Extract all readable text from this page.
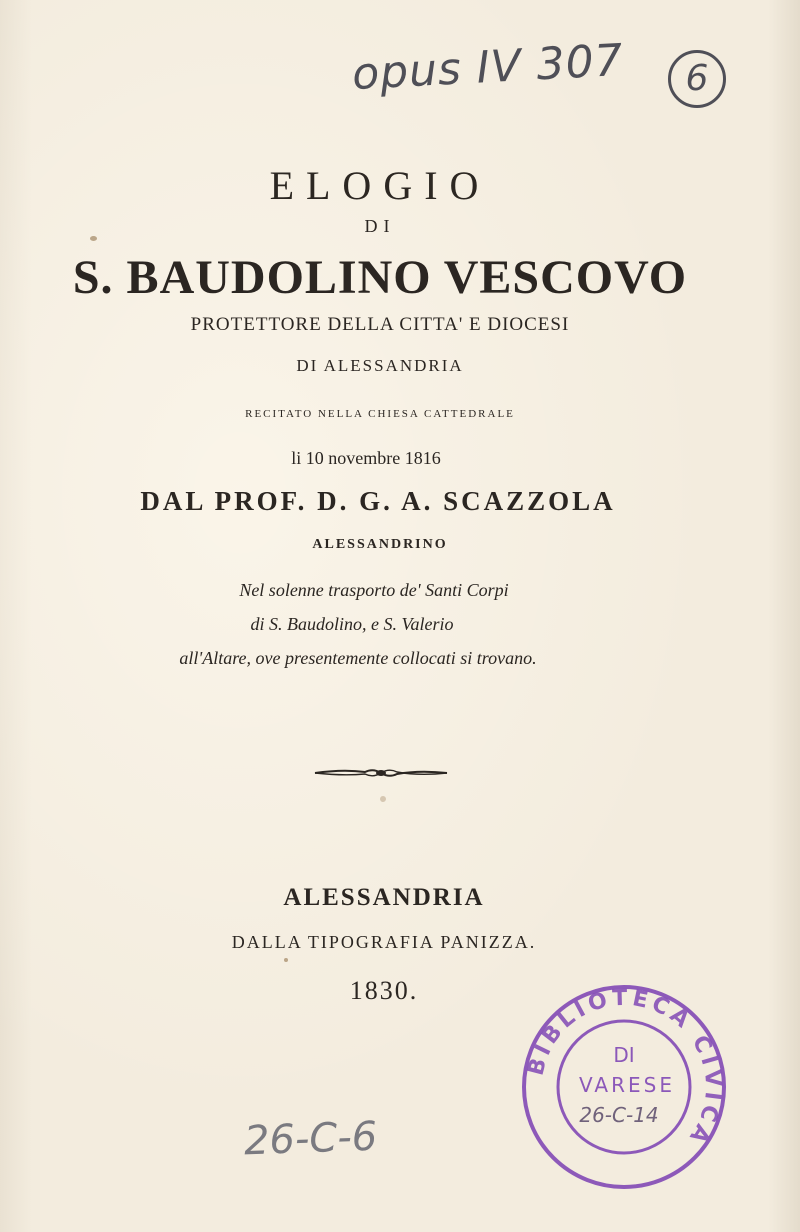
opus IV 307	6
ELOGIO
DI
S. BAUDOLINO VESCOVO
PROTETTORE DELLA CITTA' E DIOCESI
DI ALESSANDRIA
RECITATO NELLA CHIESA CATTEDRALE
li 10 novembre 1816
DAL PROF. D. G. A. SCAZZOLA
ALESSANDRINO
Nel solenne trasporto de' Santi Corpi
di S. Baudolino, e S. Valerio
all'Altare, ove presentemente collocati si trovano.
ALESSANDRIA
DALLA TIPOGRAFIA PANIZZA.
1830.
26-C-6
BIBLIOTECA CIVICA
DI
VARESE
26-C-14
